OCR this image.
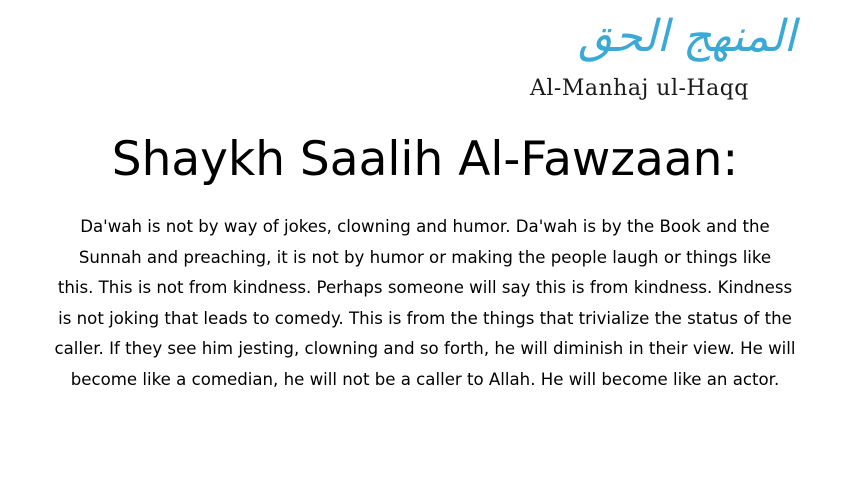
المنهج الحق
Al-Manhaj ul-Haqq
Shaykh Saalih Al-Fawzaan:

Da'wah is not by way of jokes, clowning and humor. Da'wah is by the Book and the
Sunnah and preaching, it is not by humor or making the people laugh or things like
this. This is not from kindness. Perhaps someone will say this is from kindness. Kindness
is not joking that leads to comedy. This is from the things that trivialize the status of the
caller. If they see him jesting, clowning and so forth, he will diminish in their view. He will
become like a comedian, he will not be a caller to Allah. He will become like an actor.
